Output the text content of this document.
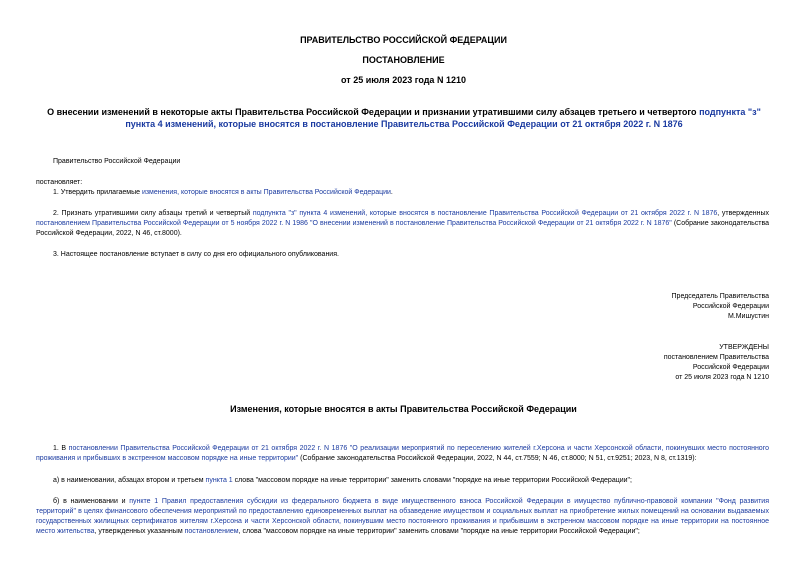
ПРАВИТЕЛЬСТВО РОССИЙСКОЙ ФЕДЕРАЦИИ
ПОСТАНОВЛЕНИЕ
от 25 июля 2023 года N 1210
О внесении изменений в некоторые акты Правительства Российской Федерации и признании утратившими силу абзацев третьего и четвертого подпункта "з" пункта 4 изменений, которые вносятся в постановление Правительства Российской Федерации от 21 октября 2022 г. N 1876
Правительство Российской Федерации
постановляет:
1. Утвердить прилагаемые изменения, которые вносятся в акты Правительства Российской Федерации.
2. Признать утратившими силу абзацы третий и четвертый подпункта "з" пункта 4 изменений, которые вносятся в постановление Правительства Российской Федерации от 21 октября 2022 г. N 1876, утвержденных постановлением Правительства Российской Федерации от 5 ноября 2022 г. N 1986 "О внесении изменений в постановление Правительства Российской Федерации от 21 октября 2022 г. N 1876" (Собрание законодательства Российской Федерации, 2022, N 46, ст.8000).
3. Настоящее постановление вступает в силу со дня его официального опубликования.
Председатель Правительства
Российской Федерации
М.Мишустин
УТВЕРЖДЕНЫ
постановлением Правительства
Российской Федерации
от 25 июля 2023 года N 1210
Изменения, которые вносятся в акты Правительства Российской Федерации
1. В постановлении Правительства Российской Федерации от 21 октября 2022 г. N 1876 "О реализации мероприятий по переселению жителей г.Херсона и части Херсонской области, покинувших место постоянного проживания и прибывших в экстренном массовом порядке на иные территории" (Собрание законодательства Российской Федерации, 2022, N 44, ст.7559; N 46, ст.8000; N 51, ст.9251; 2023, N 8, ст.1319):
а) в наименовании, абзацах втором и третьем пункта 1 слова "массовом порядке на иные территории" заменить словами "порядке на иные территории Российской Федерации";
б) в наименовании и пункте 1 Правил предоставления субсидии из федерального бюджета в виде имущественного взноса Российской Федерации в имущество публично-правовой компании "Фонд развития территорий" в целях финансового обеспечения мероприятий по предоставлению единовременных выплат на обзаведение имуществом и социальных выплат на приобретение жилых помещений на основании выдаваемых государственных жилищных сертификатов жителям г.Херсона и части Херсонской области, покинувшим место постоянного проживания и прибывшим в экстренном массовом порядке на иные территории на постоянное место жительства, утвержденных указанным постановлением, слова "массовом порядке на иные территории" заменить словами "порядке на иные территории Российской Федерации";
